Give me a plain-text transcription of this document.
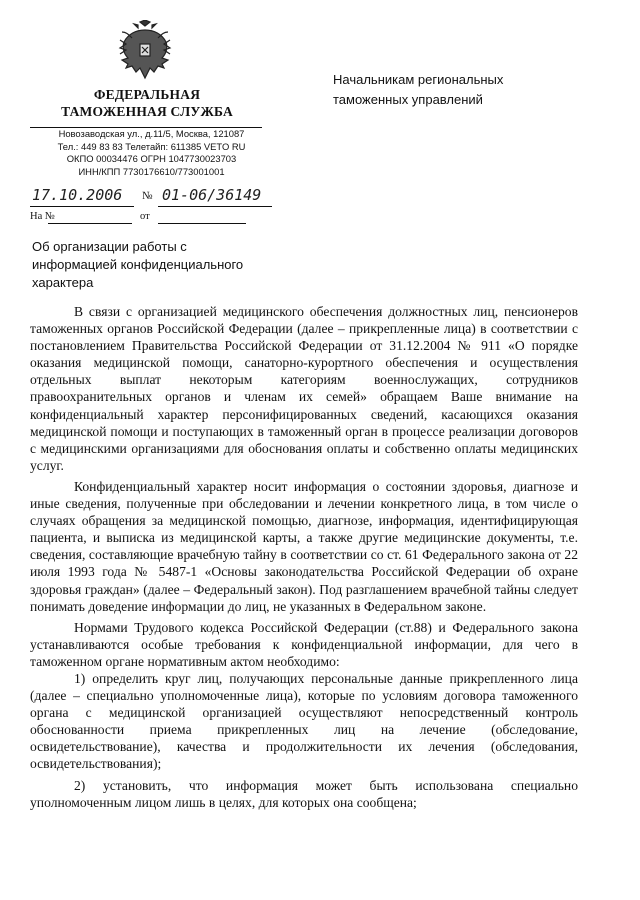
ФЕДЕРАЛЬНАЯ
ТАМОЖЕННАЯ СЛУЖБА
Новозаводская ул., д.11/5, Москва, 121087
Тел.: 449 83 83 Телетайп: 611385 VETO RU
ОКПО 00034476 ОГРН 1047730023703
ИНН/КПП 7730176610/773001001
17.10.2006 № 01-06/36149
На №	от
Начальникам региональных
таможенных управлений
Об организации работы с
информацией конфиденциального
характера

В связи с организацией медицинского обеспечения должностных лиц, пенсионеров таможенных органов Российской Федерации (далее – прикрепленные лица) в соответствии с постановлением Правительства Российской Федерации от 31.12.2004 № 911 «О порядке оказания медицинской помощи, санаторно-курортного обеспечения и осуществления отдельных выплат некоторым категориям военнослужащих, сотрудников правоохранительных органов и членам их семей» обращаем Ваше внимание на конфиденциальный характер персонифицированных сведений, касающихся оказания медицинской помощи и поступающих в таможенный орган в процессе реализации договоров с медицинскими организациями для обоснования оплаты и собственно оплаты медицинских услуг.

Конфиденциальный характер носит информация о состоянии здоровья, диагнозе и иные сведения, полученные при обследовании и лечении конкретного лица, в том числе о случаях обращения за медицинской помощью, диагнозе, информация, идентифицирующая пациента, и выписка из медицинской карты, а также другие медицинские документы, т.е. сведения, составляющие врачебную тайну в соответствии со ст. 61 Федерального закона от 22 июля 1993 года № 5487-1 «Основы законодательства Российской Федерации об охране здоровья граждан» (далее – Федеральный закон). Под разглашением врачебной тайны следует понимать доведение информации до лиц, не указанных в Федеральном законе.

Нормами Трудового кодекса Российской Федерации (ст.88) и Федерального закона устанавливаются особые требования к конфиденциальной информации, для чего в таможенном органе нормативным актом необходимо:

1) определить круг лиц, получающих персональные данные прикрепленного лица (далее – специально уполномоченные лица), которые по условиям договора таможенного органа с медицинской организацией осуществляют непосредственный контроль обоснованности приема прикрепленных лиц на лечение (обследование, освидетельствование), качества и продолжительности их лечения (обследования, освидетельствования);

2) установить, что информация может быть использована специально уполномоченным лицом лишь в целях, для которых она сообщена;
